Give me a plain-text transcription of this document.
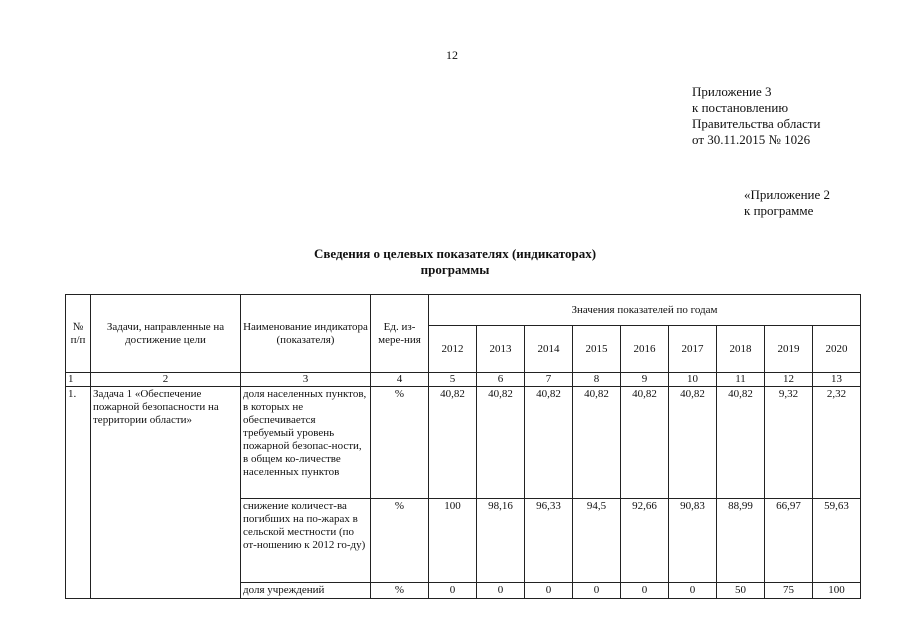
12
Приложение 3
к постановлению
Правительства области
от 30.11.2015 № 1026
«Приложение 2
к программе
Сведения о целевых показателях (индикаторах)
программы
№ п/п	Задачи, направленные на достижение цели	Наименование индикатора (показателя)	Ед. из-мере-ния	Значения показателей по годам								
				2012	2013	2014	2015	2016	2017	2018	2019	2020
1	2	3	4	5	6	7	8	9	10	11	12	13
1.	Задача 1 «Обеспечение пожарной безопасности на территории области»	доля населенных пунктов, в которых не обеспечивается требуемый уровень пожарной безопас-ности, в общем ко-личестве населенных пунктов	%	40,82	40,82	40,82	40,82	40,82	40,82	40,82	9,32	2,32
		снижение количест-ва погибших на по-жарах в сельской местности (по от-ношению к 2012 го-ду)	%	100	98,16	96,33	94,5	92,66	90,83	88,99	66,97	59,63
		доля учреждений	%	0	0	0	0	0	0	50	75	100
